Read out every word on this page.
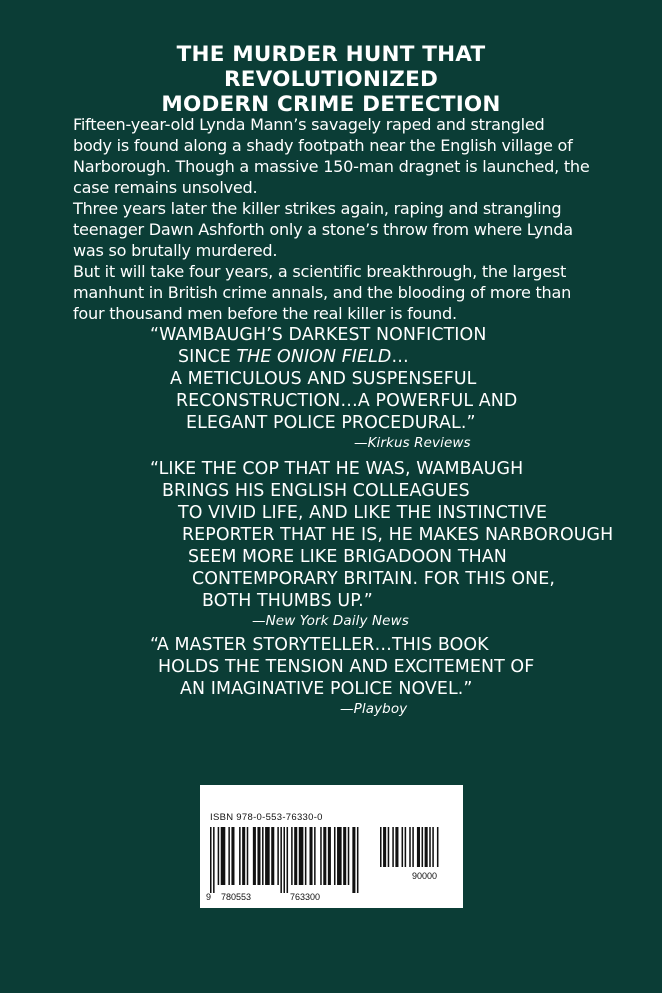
THE MURDER HUNT THAT
REVOLUTIONIZED
MODERN CRIME DETECTION
Fifteen-year-old Lynda Mann’s savagely raped and strangled
body is found along a shady footpath near the English village of
Narborough. Though a massive 150-man dragnet is launched, the
case remains unsolved.
Three years later the killer strikes again, raping and strangling
teenager Dawn Ashforth only a stone’s throw from where Lynda
was so brutally murdered.
But it will take four years, a scientific breakthrough, the largest
manhunt in British crime annals, and the blooding of more than
four thousand men before the real killer is found.
“WAMBAUGH’S DARKEST NONFICTION
SINCE THE ONION FIELD…
A METICULOUS AND SUSPENSEFUL
RECONSTRUCTION…A POWERFUL AND
ELEGANT POLICE PROCEDURAL.”
—Kirkus Reviews
“LIKE THE COP THAT HE WAS, WAMBAUGH
BRINGS HIS ENGLISH COLLEAGUES
TO VIVID LIFE, AND LIKE THE INSTINCTIVE
REPORTER THAT HE IS, HE MAKES NARBOROUGH
SEEM MORE LIKE BRIGADOON THAN
CONTEMPORARY BRITAIN. FOR THIS ONE,
BOTH THUMBS UP.”
—New York Daily News
“A MASTER STORYTELLER…THIS BOOK
HOLDS THE TENSION AND EXCITEMENT OF
AN IMAGINATIVE POLICE NOVEL.”
—Playboy
ISBN 978-0-553-76330-0
9 780553	763300
90000
